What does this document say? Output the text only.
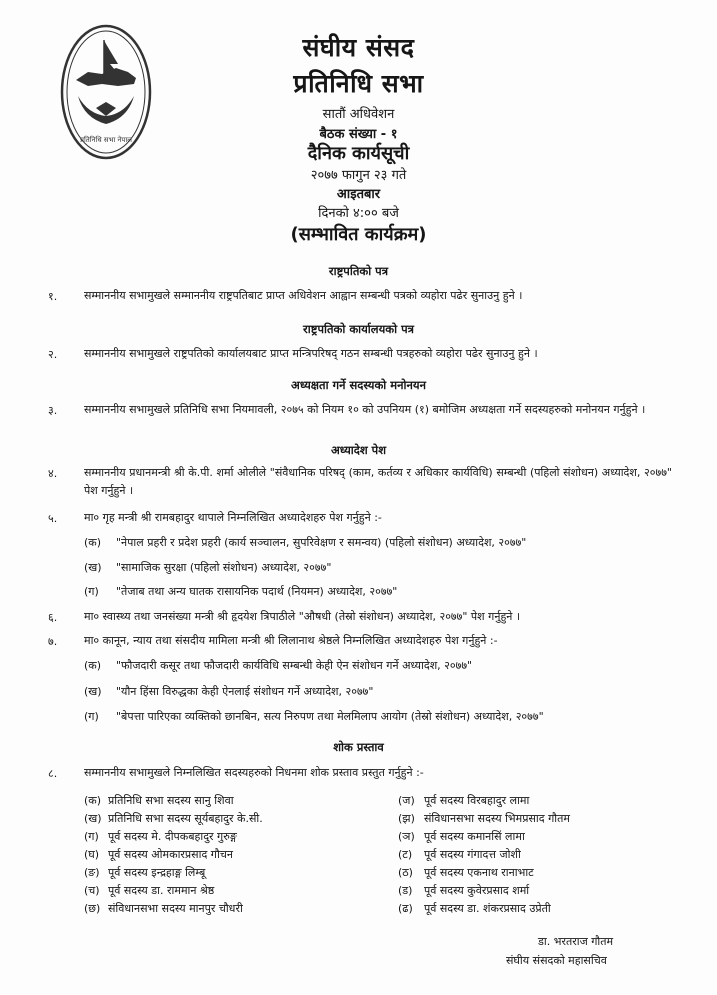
प्रतिनिधि सभा नेपाल
संघीय संसद
प्रतिनिधि सभा
सातौं अधिवेशन
बैठक संख्या - १
दैनिक कार्यसूची
२०७७ फागुन २३ गते
आइतबार
दिनको ४:०० बजे
(सम्भावित कार्यक्रम)
राष्ट्रपतिको पत्र
१. सम्माननीय सभामुखले सम्माननीय राष्ट्रपतिबाट प्राप्त अधिवेशन आह्वान सम्बन्धी पत्रको व्यहोरा पढेर सुनाउनु हुने ।
राष्ट्रपतिको कार्यालयको पत्र
२. सम्माननीय सभामुखले राष्ट्रपतिको कार्यालयबाट प्राप्त मन्त्रिपरिषद् गठन सम्बन्धी पत्रहरुको व्यहोरा पढेर सुनाउनु हुने ।
अध्यक्षता गर्ने सदस्यको मनोनयन
३. सम्माननीय सभामुखले प्रतिनिधि सभा नियमावली, २०७५ को नियम १० को उपनियम (१) बमोजिम अध्यक्षता गर्ने सदस्यहरुको मनोनयन गर्नुहुने ।
अध्यादेश पेश
४. सम्माननीय प्रधानमन्त्री श्री के.पी. शर्मा ओलीले "संवैधानिक परिषद् (काम, कर्तव्य र अधिकार कार्यविधि) सम्बन्धी (पहिलो संशोधन) अध्यादेश, २०७७" पेश गर्नुहुने ।
५. मा० गृह मन्त्री श्री रामबहादुर थापाले निम्नलिखित अध्यादेशहरु पेश गर्नुहुने :-
(क) "नेपाल प्रहरी र प्रदेश प्रहरी (कार्य सञ्चालन, सुपरिवेक्षण र समन्वय) (पहिलो संशोधन) अध्यादेश, २०७७"
(ख) "सामाजिक सुरक्षा (पहिलो संशोधन) अध्यादेश, २०७७"
(ग) "तेजाब तथा अन्य घातक रासायनिक पदार्थ (नियमन) अध्यादेश, २०७७"
६. मा० स्वास्थ्य तथा जनसंख्या मन्त्री श्री हृदयेश त्रिपाठीले "औषधी (तेस्रो संशोधन) अध्यादेश, २०७७" पेश गर्नुहुने ।
७. मा० कानून, न्याय तथा संसदीय मामिला मन्त्री श्री लिलानाथ श्रेष्ठले निम्नलिखित अध्यादेशहरु पेश गर्नुहुने :-
(क) "फौजदारी कसूर तथा फौजदारी कार्यविधि सम्बन्धी केही ऐन संशोधन गर्ने अध्यादेश, २०७७"
(ख) "यौन हिंसा विरुद्धका केही ऐनलाई संशोधन गर्ने अध्यादेश, २०७७"
(ग) "बेपत्ता पारिएका व्यक्तिको छानबिन, सत्य निरुपण तथा मेलमिलाप आयोग (तेस्रो संशोधन) अध्यादेश, २०७७"
शोक प्रस्ताव
८. सम्माननीय सभामुखले निम्नलिखित सदस्यहरुको निधनमा शोक प्रस्ताव प्रस्तुत गर्नुहुने :-
(क) प्रतिनिधि सभा सदस्य सानु शिवा
(ख) प्रतिनिधि सभा सदस्य सूर्यबहादुर के.सी.
(ग) पूर्व सदस्य मे. दीपकबहादुर गुरुङ्ग
(घ) पूर्व सदस्य ओमकारप्रसाद गौचन
(ङ) पूर्व सदस्य इन्द्रहाङ्ग लिम्बू
(च) पूर्व सदस्य डा. राममान श्रेष्ठ
(छ) संविधानसभा सदस्य मानपुर चौधरी
(ज) पूर्व सदस्य विरबहादुर लामा
(झ) संविधानसभा सदस्य भिमप्रसाद गौतम
(ञ) पूर्व सदस्य कमानसिं लामा
(ट) पूर्व सदस्य गंगादत्त जोशी
(ठ) पूर्व सदस्य एकनाथ रानाभाट
(ड) पूर्व सदस्य कुवेरप्रसाद शर्मा
(ढ) पूर्व सदस्य डा. शंकरप्रसाद उप्रेती
डा. भरतराज गौतम
संघीय संसदको महासचिव
